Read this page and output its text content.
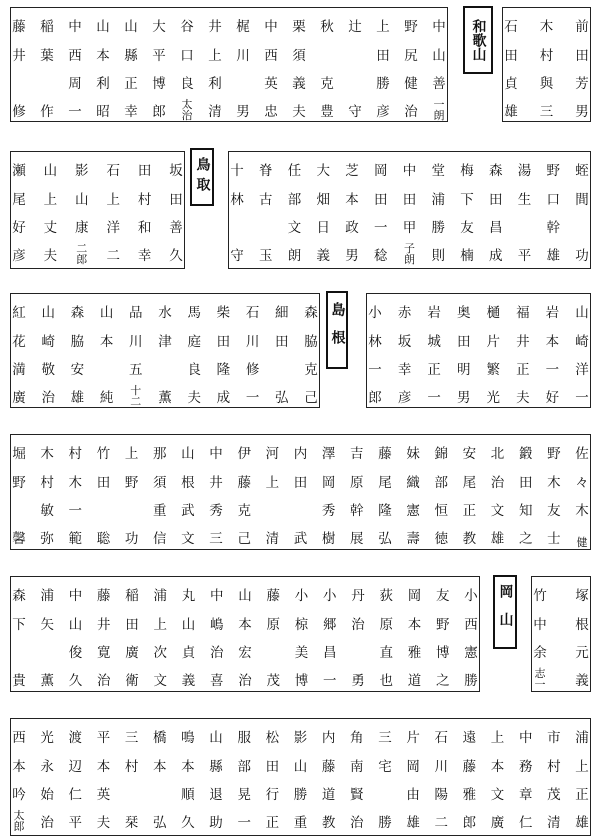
和歌山
鳥取
島根
岡山
藤
井
修
稲
葉
作
中
西
周
一
山
本
利
昭
山
縣
正
幸
大
平
博
郎
谷
口
良
太
治
井
上
利
清
梶
川
男
中
西
英
忠
栗
須
義
夫
秋
克
豊
辻
守
上
田
勝
彦
野
尻
健
治
中
山
善
一
朗
石
田
貞
雄
木
村
與
三
前
田
芳
男
瀬
尾
好
彦
山
上
丈
夫
影
山
康
二
郎
石
上
洋
二
田
村
和
幸
坂
田
善
久
十
林
守
脊
古
玉
任
部
文
朗
大
畑
日
義
芝
本
政
男
岡
田
一
稔
中
田
甲
子
朗
堂
浦
勝
則
梅
下
友
楠
森
田
昌
成
湯
生
平
野
口
幹
雄
蛭
間
功
紅
花
満
廣
山
崎
敬
治
森
脇
安
雄
山
本
純
品
川
五
十
二
水
津
薫
馬
庭
良
夫
柴
田
隆
成
石
川
修
一
細
田
弘
森
脇
克
己
小
林
一
郎
赤
坂
幸
彦
岩
城
正
一
奥
田
明
男
樋
片
繁
光
福
井
正
夫
岩
本
一
好
山
崎
洋
一
堀
野
馨
木
村
敏
弥
村
木
一
範
竹
田
聡
上
野
功
那
須
重
信
山
根
武
文
中
井
秀
三
伊
藤
克
己
河
上
清
内
田
武
澤
岡
秀
樹
吉
原
幹
展
藤
尾
隆
弘
妹
織
憲
壽
錦
部
恒
徳
安
尾
正
教
北
治
文
雄
鍛
田
知
之
野
木
友
士
佐
々
木

健
森
下
貴
浦
矢
薫
中
山
俊
久
藤
井
寛
治
稲
田
廣
衛
浦
上
次
文
丸
山
貞
義
中
嶋
治
喜
山
本
宏
治
藤
原
茂
小
椋
美
博
小
郷
昌
一
丹
治
勇
荻
原
直
也
岡
本
雅
道
友
野
博
之
小
西
憲
勝
竹
中
余
志
一
塚
根
元
義
西
本
吟
太
郎
光
永
始
治
渡
辺
仁
平
平
本
英
夫
三
村
栞
橋
本
弘
鳴
本
順
久
山
縣
退
助
服
部
晃
一
松
田
行
正
影
山
勝
重
内
藤
道
教
角
南
賢
治
三
宅
勝
片
岡
由
雄
石
川
陽
二
遠
藤
雅
郎
上
本
文
廣
中
務
章
仁
市
村
茂
清
浦
上
正
雄
